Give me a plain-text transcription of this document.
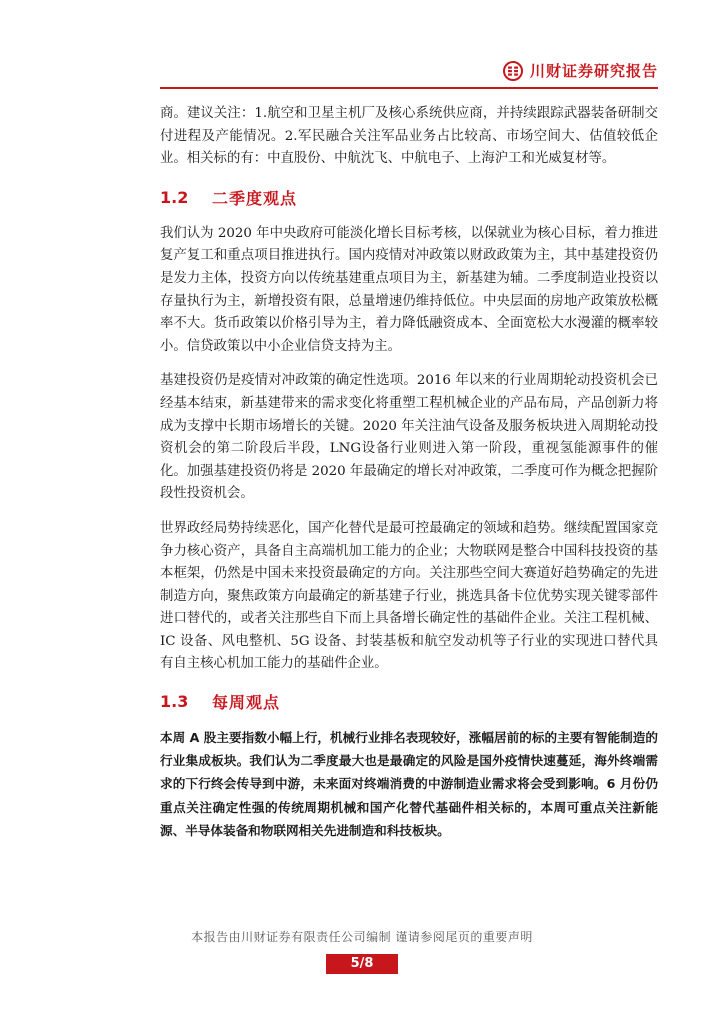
川财证券研究报告

商。建议关注：1.航空和卫星主机厂及核心系统供应商，并持续跟踪武器装备研制交付进程及产能情况。2.军民融合关注军品业务占比较高、市场空间大、估值较低企业。相关标的有：中直股份、中航沈飞、中航电子、上海沪工和光威复材等。

1.2	二季度观点

我们认为 2020 年中央政府可能淡化增长目标考核，以保就业为核心目标，着力推进复产复工和重点项目推进执行。国内疫情对冲政策以财政政策为主，其中基建投资仍是发力主体，投资方向以传统基建重点项目为主，新基建为辅。二季度制造业投资以存量执行为主，新增投资有限，总量增速仍维持低位。中央层面的房地产政策放松概率不大。货币政策以价格引导为主，着力降低融资成本、全面宽松大水漫灌的概率较小。信贷政策以中小企业信贷支持为主。

基建投资仍是疫情对冲政策的确定性选项。2016 年以来的行业周期轮动投资机会已经基本结束，新基建带来的需求变化将重塑工程机械企业的产品布局，产品创新力将成为支撑中长期市场增长的关键。2020 年关注油气设备及服务板块进入周期轮动投资机会的第二阶段后半段，LNG设备行业则进入第一阶段，重视氢能源事件的催化。加强基建投资仍将是 2020 年最确定的增长对冲政策，二季度可作为概念把握阶段性投资机会。

世界政经局势持续恶化，国产化替代是最可控最确定的领域和趋势。继续配置国家竞争力核心资产，具备自主高端机加工能力的企业；大物联网是整合中国科技投资的基本框架，仍然是中国未来投资最确定的方向。关注那些空间大赛道好趋势确定的先进制造方向，聚焦政策方向最确定的新基建子行业，挑选具备卡位优势实现关键零部件进口替代的，或者关注那些自下而上具备增长确定性的基础件企业。关注工程机械、IC 设备、风电整机、5G 设备、封装基板和航空发动机等子行业的实现进口替代具有自主核心机加工能力的基础件企业。

1.3	每周观点

本周 A 股主要指数小幅上行，机械行业排名表现较好，涨幅居前的标的主要有智能制造的行业集成板块。我们认为二季度最大也是最确定的风险是国外疫情快速蔓延，海外终端需求的下行终会传导到中游，未来面对终端消费的中游制造业需求将会受到影响。6 月份仍重点关注确定性强的传统周期机械和国产化替代基础件相关标的，本周可重点关注新能源、半导体装备和物联网相关先进制造和科技板块。

本报告由川财证券有限责任公司编制 谨请参阅尾页的重要声明
5/8
